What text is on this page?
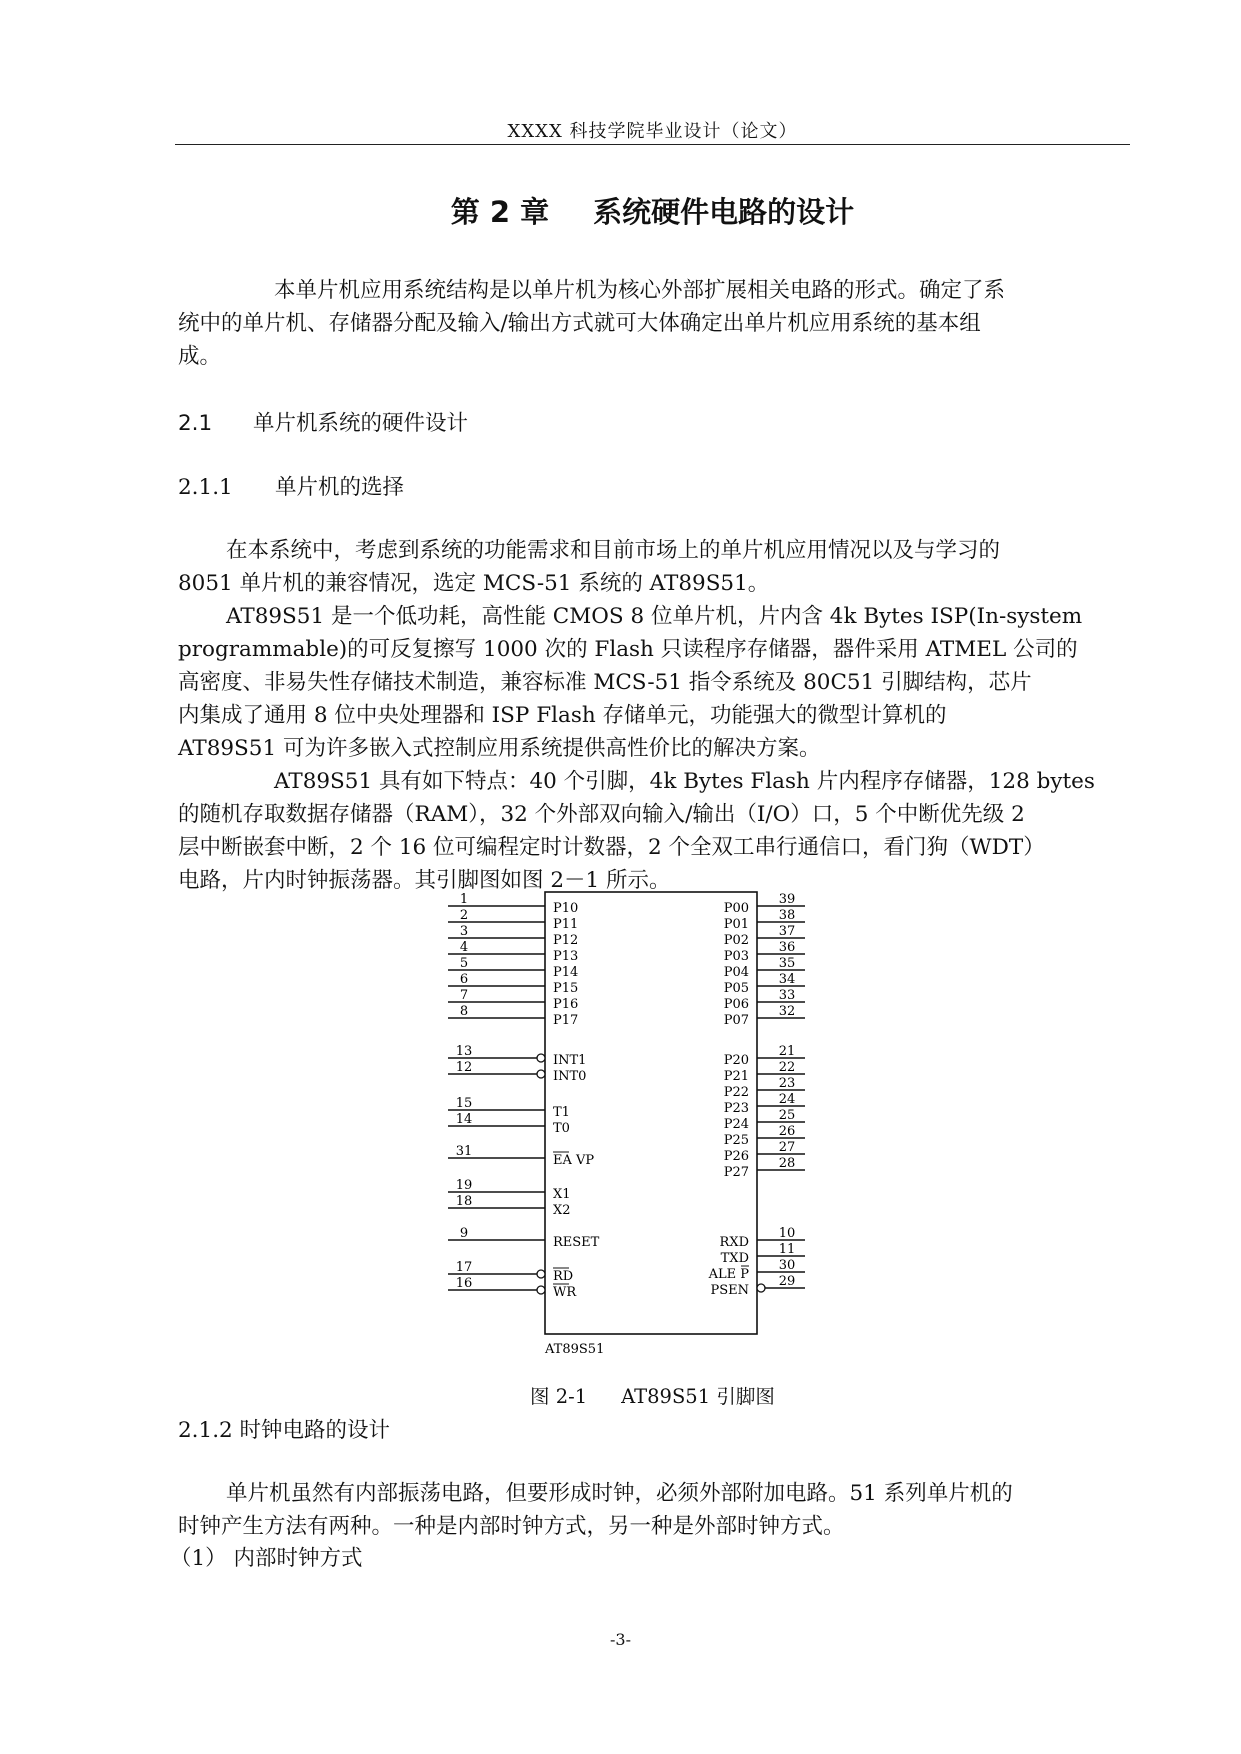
XXXX 科技学院毕业设计（论文）
第 2 章 系统硬件电路的设计
本单片机应用系统结构是以单片机为核心外部扩展相关电路的形式。确定了系
统中的单片机、存储器分配及输入/输出方式就可大体确定出单片机应用系统的基本组
成。
2.1 单片机系统的硬件设计
2.1.1 单片机的选择
在本系统中，考虑到系统的功能需求和目前市场上的单片机应用情况以及与学习的
8051 单片机的兼容情况，选定 MCS-51 系统的 AT89S51。
AT89S51 是一个低功耗，高性能 CMOS 8 位单片机，片内含 4k Bytes ISP(In-system
programmable)的可反复擦写 1000 次的 Flash 只读程序存储器，器件采用 ATMEL 公司的
高密度、非易失性存储技术制造，兼容标准 MCS-51 指令系统及 80C51 引脚结构，芯片
内集成了通用 8 位中央处理器和 ISP Flash 存储单元，功能强大的微型计算机的
AT89S51 可为许多嵌入式控制应用系统提供高性价比的解决方案。
AT89S51 具有如下特点：40 个引脚，4k Bytes Flash 片内程序存储器，128 bytes
的随机存取数据存储器（RAM），32 个外部双向输入/输出（I/O）口，5 个中断优先级 2
层中断嵌套中断，2 个 16 位可编程定时计数器，2 个全双工串行通信口，看门狗（WDT）
电路，片内时钟振荡器。其引脚图如图 2－1 所示。
1
P10
2
P11
3
P12
4
P13
5
P14
6
P15
7
P16
8
P17
13
INT1
12
INT0
15
T1
14
T0
31
EA VP
19
X1
18
X2
9
RESET
17
RD
16
WR
39
P00 38
P01 37
P02 36
P03 35
P04 34
P05 33
P06 32
P07
21
P20 22
P21 23
P22 24
P23 25
P24 26
P25 27
P26 28
P27
10
RXD 11
TXD 30
ALE P 29
PSEN
AT89S51
图 2-1 AT89S51 引脚图
2.1.2 时钟电路的设计
单片机虽然有内部振荡电路，但要形成时钟，必须外部附加电路。51 系列单片机的
时钟产生方法有两种。一种是内部时钟方式，另一种是外部时钟方式。
（1） 内部时钟方式
-3-
